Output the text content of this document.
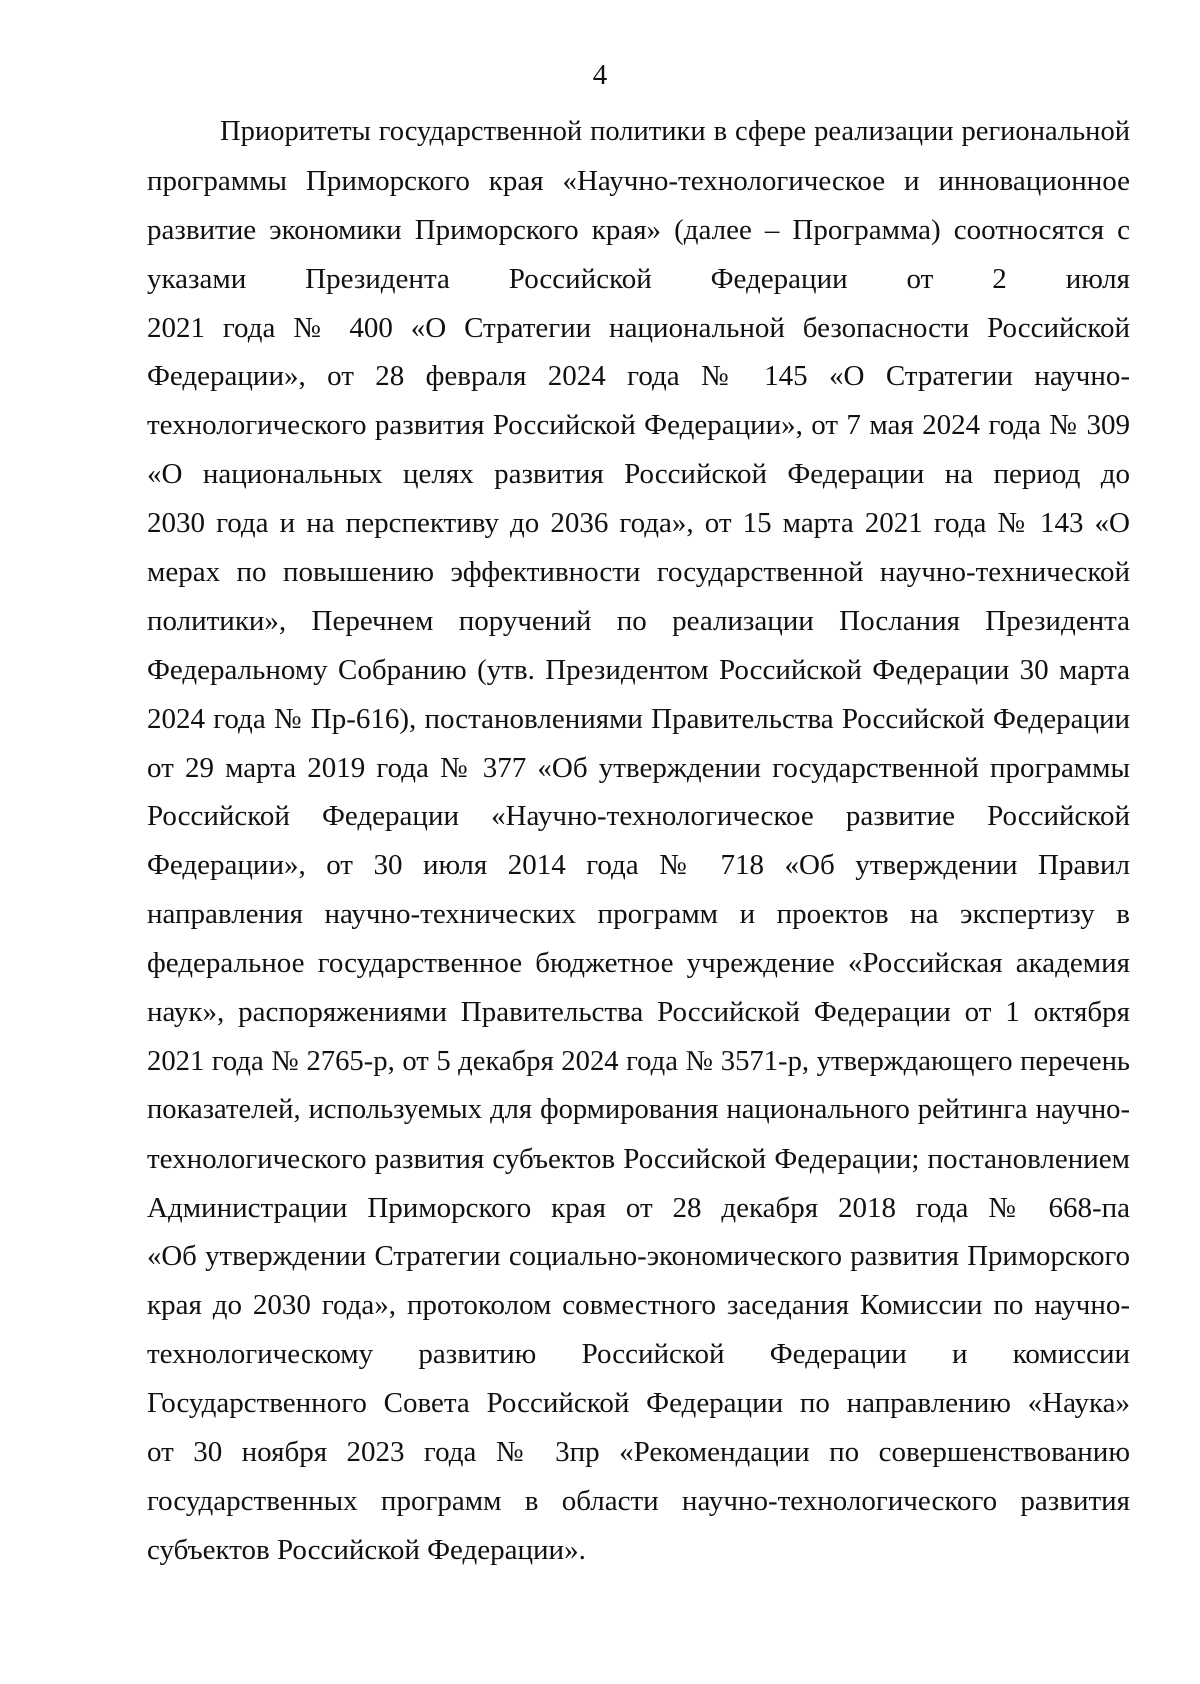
4
Приоритеты государственной политики в сфере реализации региональной
программы Приморского края «Научно-технологическое и инновационное
развитие экономики Приморского края» (далее – Программа) соотносятся с
указами Президента Российской Федерации от 2 июля
2021 года № 400 «О Стратегии национальной безопасности Российской
Федерации», от 28 февраля 2024 года № 145 «О Стратегии научно-
технологического развития Российской Федерации», от 7 мая 2024 года № 309
«О национальных целях развития Российской Федерации на период до
2030 года и на перспективу до 2036 года», от 15 марта 2021 года № 143 «О
мерах по повышению эффективности государственной научно-технической
политики», Перечнем поручений по реализации Послания Президента
Федеральному Собранию (утв. Президентом Российской Федерации 30 марта
2024 года № Пр-616), постановлениями Правительства Российской Федерации
от 29 марта 2019 года № 377 «Об утверждении государственной программы
Российской Федерации «Научно-технологическое развитие Российской
Федерации», от 30 июля 2014 года № 718 «Об утверждении Правил
направления научно-технических программ и проектов на экспертизу в
федеральное государственное бюджетное учреждение «Российская академия
наук», распоряжениями Правительства Российской Федерации от 1 октября
2021 года № 2765-р, от 5 декабря 2024 года № 3571-р, утверждающего перечень
показателей, используемых для формирования национального рейтинга научно-
технологического развития субъектов Российской Федерации; постановлением
Администрации Приморского края от 28 декабря 2018 года № 668-па
«Об утверждении Стратегии социально-экономического развития Приморского
края до 2030 года», протоколом совместного заседания Комиссии по научно-
технологическому развитию Российской Федерации и комиссии
Государственного Совета Российской Федерации по направлению «Наука»
от 30 ноября 2023 года № 3пр «Рекомендации по совершенствованию
государственных программ в области научно-технологического развития
субъектов Российской Федерации».
